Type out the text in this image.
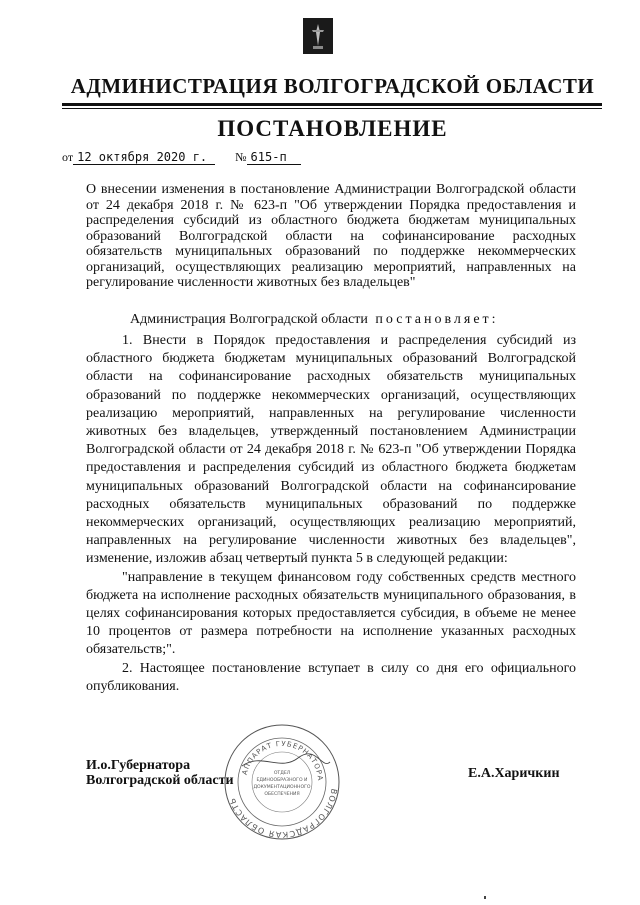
АДМИНИСТРАЦИЯ ВОЛГОГРАДСКОЙ ОБЛАСТИ
ПОСТАНОВЛЕНИЕ
от 12 октября 2020 г.	№ 615-п
О внесении изменения в постановление Администрации Волгоградской области от 24 декабря 2018 г. № 623-п "Об утверждении Порядка предоставления и распределения субсидий из областного бюджета бюджетам муниципальных образований Волгоградской области на софинансирование расходных обязательств муниципальных образований по поддержке некоммерческих организаций, осуществляющих реализацию мероприятий, направленных на регулирование численности животных без владельцев"
Администрация Волгоградской области постановляет:

1. Внести в Порядок предоставления и распределения субсидий из областного бюджета бюджетам муниципальных образований Волгоградской области на софинансирование расходных обязательств муниципальных образований по поддержке некоммерческих организаций, осуществляющих реализацию мероприятий, направленных на регулирование численности животных без владельцев, утвержденный постановлением Администрации Волгоградской области от 24 декабря 2018 г. № 623-п "Об утверждении Порядка предоставления и распределения субсидий из областного бюджета бюджетам муниципальных образований Волгоградской области на софинансирование расходных обязательств муниципальных образований по поддержке некоммерческих организаций, осуществляющих реализацию мероприятий, направленных на регулирование численности животных без владельцев", изменение, изложив абзац четвертый пункта 5 в следующей редакции:

"направление в текущем финансовом году собственных средств местного бюджета на исполнение расходных обязательств муниципального образования, в целях софинансирования которых предоставляется субсидия, в объеме не менее 10 процентов от размера потребности на исполнение указанных расходных обязательств;".

2. Настоящее постановление вступает в силу со дня его официального опубликования.

И.о.Губернатора
Волгоградской области	Е.А.Харичкин
ВОЛГОГРАДСКАЯ ОБЛАСТЬ
АППАРАТ ГУБЕРНАТОРА
ОТДЕЛ
ЕДИНООБРАЗНОГО И
ДОКУМЕНТАЦИОННОГО
ОБЕСПЕЧЕНИЯ
